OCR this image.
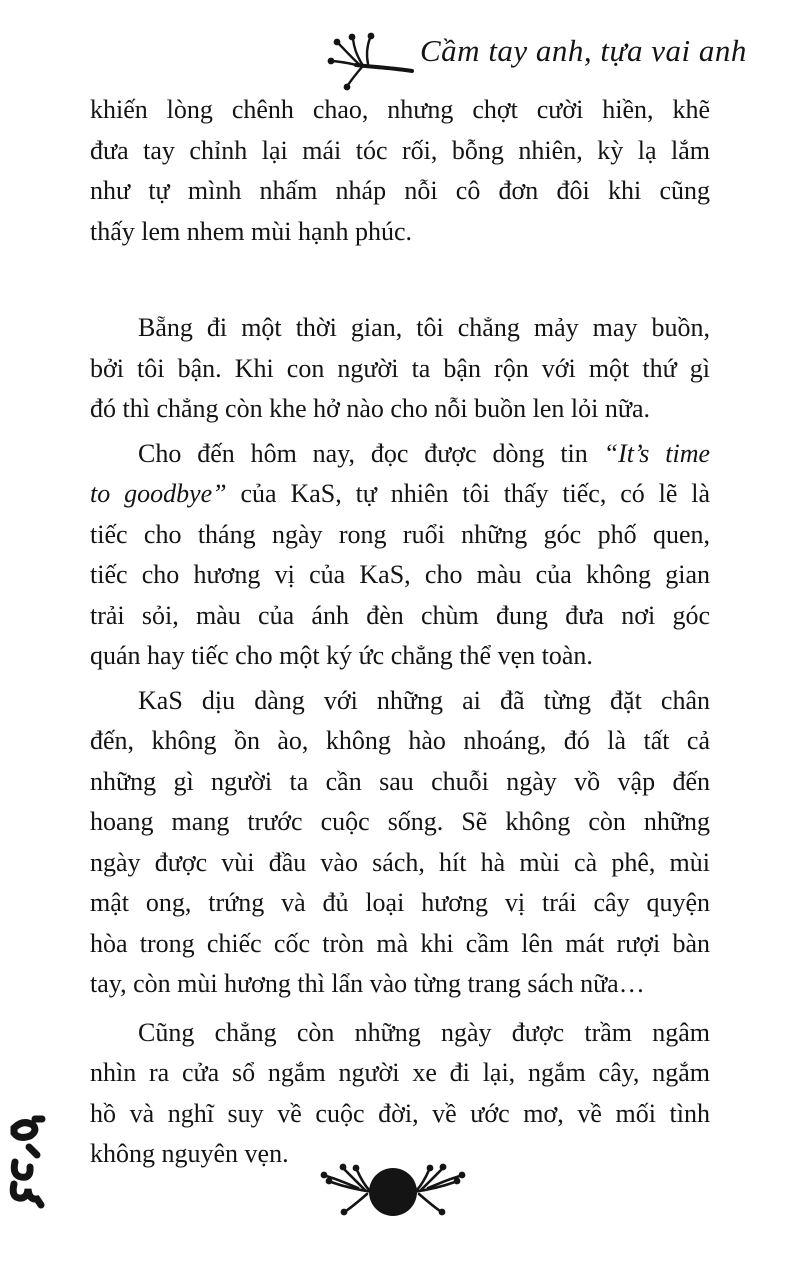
Cầm tay anh, tựa vai anh
khiến lòng chênh chao, nhưng chợt cười hiền, khẽ
đưa tay chỉnh lại mái tóc rối, bỗng nhiên, kỳ lạ lắm
như tự mình nhấm nháp nỗi cô đơn đôi khi cũng
thấy lem nhem mùi hạnh phúc.
Bẵng đi một thời gian, tôi chẳng mảy may buồn,
bởi tôi bận. Khi con người ta bận rộn với một thứ gì
đó thì chẳng còn khe hở nào cho nỗi buồn len lỏi nữa.
Cho đến hôm nay, đọc được dòng tin “It’s time
to goodbye” của KaS, tự nhiên tôi thấy tiếc, có lẽ là
tiếc cho tháng ngày rong ruổi những góc phố quen,
tiếc cho hương vị của KaS, cho màu của không gian
trải sỏi, màu của ánh đèn chùm đung đưa nơi góc
quán hay tiếc cho một ký ức chẳng thể vẹn toàn.
KaS dịu dàng với những ai đã từng đặt chân
đến, không ồn ào, không hào nhoáng, đó là tất cả
những gì người ta cần sau chuỗi ngày vồ vập đến
hoang mang trước cuộc sống. Sẽ không còn những
ngày được vùi đầu vào sách, hít hà mùi cà phê, mùi
mật ong, trứng và đủ loại hương vị trái cây quyện
hòa trong chiếc cốc tròn mà khi cầm lên mát rượi bàn
tay, còn mùi hương thì lẩn vào từng trang sách nữa…
Cũng chẳng còn những ngày được trầm ngâm
nhìn ra cửa sổ ngắm người xe đi lại, ngắm cây, ngắm
hồ và nghĩ suy về cuộc đời, về ước mơ, về mối tình
không nguyên vẹn.
